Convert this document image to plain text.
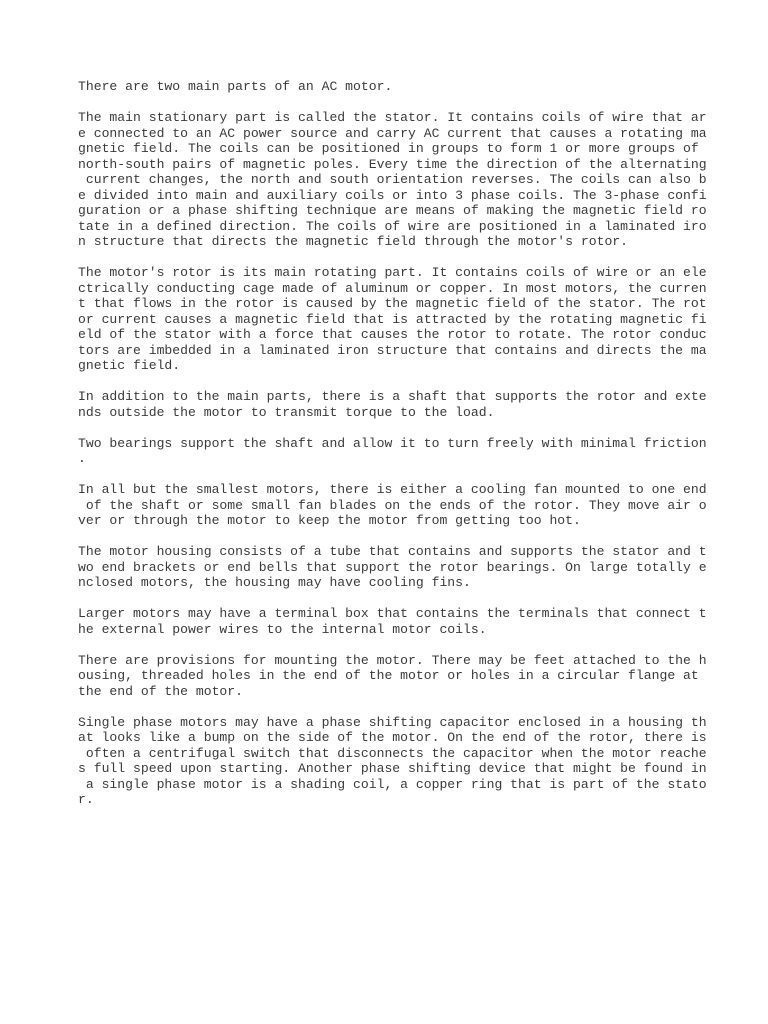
There are two main parts of an AC motor.
The main stationary part is called the stator. It contains coils of wire that ar
e connected to an AC power source and carry AC current that causes a rotating ma
gnetic field. The coils can be positioned in groups to form 1 or more groups of
north-south pairs of magnetic poles. Every time the direction of the alternating
current changes, the north and south orientation reverses. The coils can also b
e divided into main and auxiliary coils or into 3 phase coils. The 3-phase confi
guration or a phase shifting technique are means of making the magnetic field ro
tate in a defined direction. The coils of wire are positioned in a laminated iro
n structure that directs the magnetic field through the motor's rotor.
The motor's rotor is its main rotating part. It contains coils of wire or an ele
ctrically conducting cage made of aluminum or copper. In most motors, the curren
t that flows in the rotor is caused by the magnetic field of the stator. The rot
or current causes a magnetic field that is attracted by the rotating magnetic fi
eld of the stator with a force that causes the rotor to rotate. The rotor conduc
tors are imbedded in a laminated iron structure that contains and directs the ma
gnetic field.
In addition to the main parts, there is a shaft that supports the rotor and exte
nds outside the motor to transmit torque to the load.
Two bearings support the shaft and allow it to turn freely with minimal friction
.
In all but the smallest motors, there is either a cooling fan mounted to one end
of the shaft or some small fan blades on the ends of the rotor. They move air o
ver or through the motor to keep the motor from getting too hot.
The motor housing consists of a tube that contains and supports the stator and t
wo end brackets or end bells that support the rotor bearings. On large totally e
nclosed motors, the housing may have cooling fins.
Larger motors may have a terminal box that contains the terminals that connect t
he external power wires to the internal motor coils.
There are provisions for mounting the motor. There may be feet attached to the h
ousing, threaded holes in the end of the motor or holes in a circular flange at
the end of the motor.
Single phase motors may have a phase shifting capacitor enclosed in a housing th
at looks like a bump on the side of the motor. On the end of the rotor, there is
often a centrifugal switch that disconnects the capacitor when the motor reache
s full speed upon starting. Another phase shifting device that might be found in
a single phase motor is a shading coil, a copper ring that is part of the stato
r.
